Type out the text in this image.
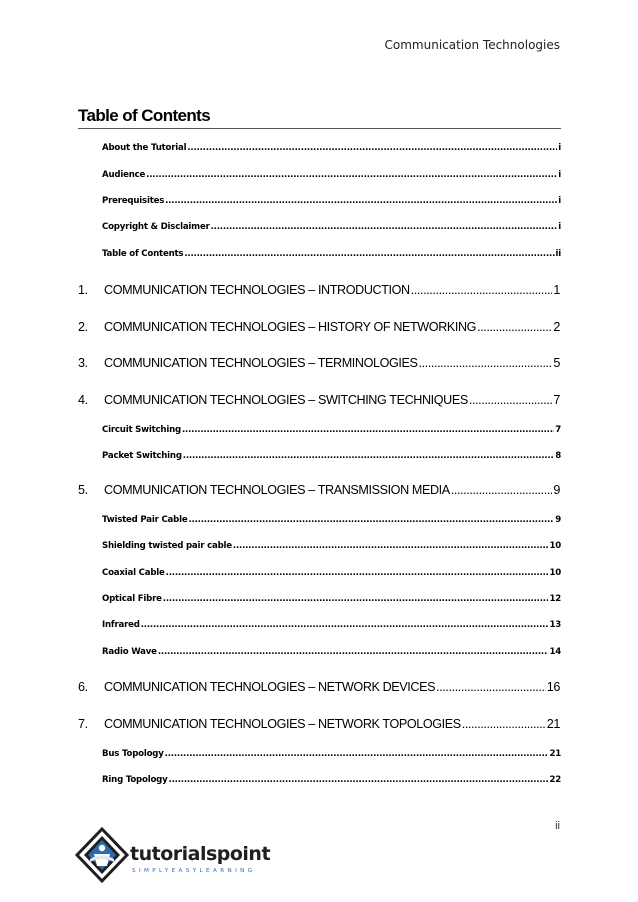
Communication Technologies
Table of Contents
About the Tutorial .....	i
Audience .....	i
Prerequisites .....	i
Copyright & Disclaimer .....	i
Table of Contents .....	ii
1. COMMUNICATION TECHNOLOGIES – INTRODUCTION .....	1
2. COMMUNICATION TECHNOLOGIES – HISTORY OF NETWORKING .....	2
3. COMMUNICATION TECHNOLOGIES – TERMINOLOGIES .....	5
4. COMMUNICATION TECHNOLOGIES – SWITCHING TECHNIQUES .....	7
Circuit Switching .....	7
Packet Switching .....	8
5. COMMUNICATION TECHNOLOGIES – TRANSMISSION MEDIA .....	9
Twisted Pair Cable .....	9
Shielding twisted pair cable .....	10
Coaxial Cable .....	10
Optical Fibre .....	12
Infrared .....	13
Radio Wave .....	14
6. COMMUNICATION TECHNOLOGIES – NETWORK DEVICES .....	16
7. COMMUNICATION TECHNOLOGIES – NETWORK TOPOLOGIES .....	21
Bus Topology .....	21
Ring Topology .....	22
ii
tutorialspoint
SIMPLYEASYLEARNING
